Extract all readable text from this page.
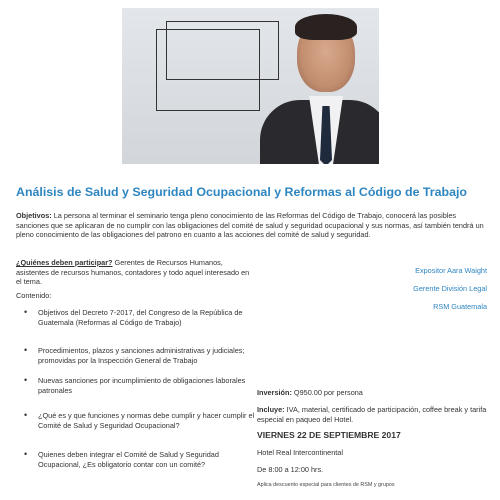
Análisis de Salud y Seguridad Ocupacional y Reformas al Código de Trabajo
Objetivos: La persona al terminar el seminario tenga pleno conocimiento de las Reformas del Código de Trabajo, conocerá las posibles sanciones que se aplicaran de no cumplir con las obligaciones del comité de salud y seguridad ocupacional y sus normas, así también tendrá un pleno conocimiento de las obligaciones del patrono en cuanto a las acciones del comité de salud y seguridad.
¿Quiénes deben participar? Gerentes de Recursos Humanos, asistentes de recursos humanos, contadores y todo aquel interesado en el tema.
Contenido:
• Objetivos del Decreto 7-2017, del Congreso de la República de Guatemala (Reformas al Código de Trabajo)
• Procedimientos, plazos y sanciones administrativas y judiciales; promovidas por la Inspección General de Trabajo
• Nuevas sanciones por incumplimiento de obligaciones laborales patronales
• ¿Qué es y que funciones y normas debe cumplir y hacer cumplir el Comité de Salud y Seguridad Ocupacional?
• Quienes deben integrar el Comité de Salud y Seguridad Ocupacional, ¿Es obligatorio contar con un comité?
Expositor Aara Waight
Gerente División Legal
RSM Guatemala
Inversión: Q950.00 por persona
Incluye: IVA, material, certificado de participación, coffee break y tarifa especial en paqueo del Hotel.
VIERNES 22 DE SEPTIEMBRE 2017
Hotel Real Intercontinental
De 8:00 a 12:00 hrs.
Aplica descuento especial para clientes de RSM y grupos
